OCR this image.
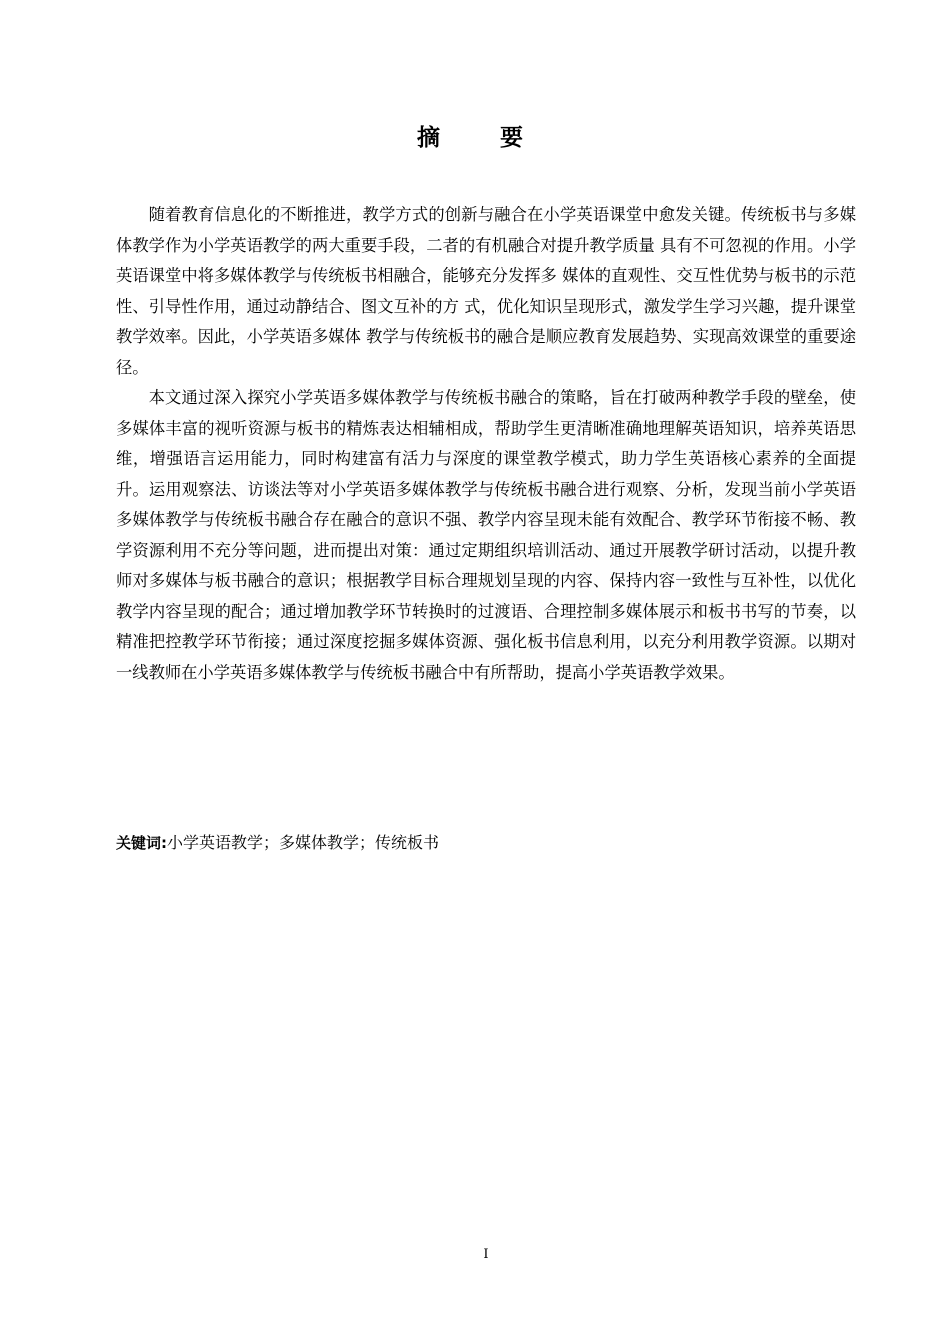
摘 要

随着教育信息化的不断推进，教学方式的创新与融合在小学英语课堂中愈发关键。传统板书与多媒体教学作为小学英语教学的两大重要手段，二者的有机融合对提升教学质量 具有不可忽视的作用。小学英语课堂中将多媒体教学与传统板书相融合，能够充分发挥多 媒体的直观性、交互性优势与板书的示范性、引导性作用，通过动静结合、图文互补的方 式，优化知识呈现形式，激发学生学习兴趣，提升课堂教学效率。因此，小学英语多媒体 教学与传统板书的融合是顺应教育发展趋势、实现高效课堂的重要途径。

本文通过深入探究小学英语多媒体教学与传统板书融合的策略，旨在打破两种教学手段的壁垒，使多媒体丰富的视听资源与板书的精炼表达相辅相成，帮助学生更清晰准确地理解英语知识，培养英语思维，增强语言运用能力，同时构建富有活力与深度的课堂教学模式，助力学生英语核心素养的全面提升。运用观察法、访谈法等对小学英语多媒体教学与传统板书融合进行观察、分析，发现当前小学英语多媒体教学与传统板书融合存在融合的意识不强、教学内容呈现未能有效配合、教学环节衔接不畅、教学资源利用不充分等问题，进而提出对策：通过定期组织培训活动、通过开展教学研讨活动，以提升教师对多媒体与板书融合的意识；根据教学目标合理规划呈现的内容、保持内容一致性与互补性，以优化教学内容呈现的配合；通过增加教学环节转换时的过渡语、合理控制多媒体展示和板书书写的节奏，以精准把控教学环节衔接；通过深度挖掘多媒体资源、强化板书信息利用，以充分利用教学资源。以期对一线教师在小学英语多媒体教学与传统板书融合中有所帮助，提高小学英语教学效果。

关键词:小学英语教学；多媒体教学；传统板书
I
